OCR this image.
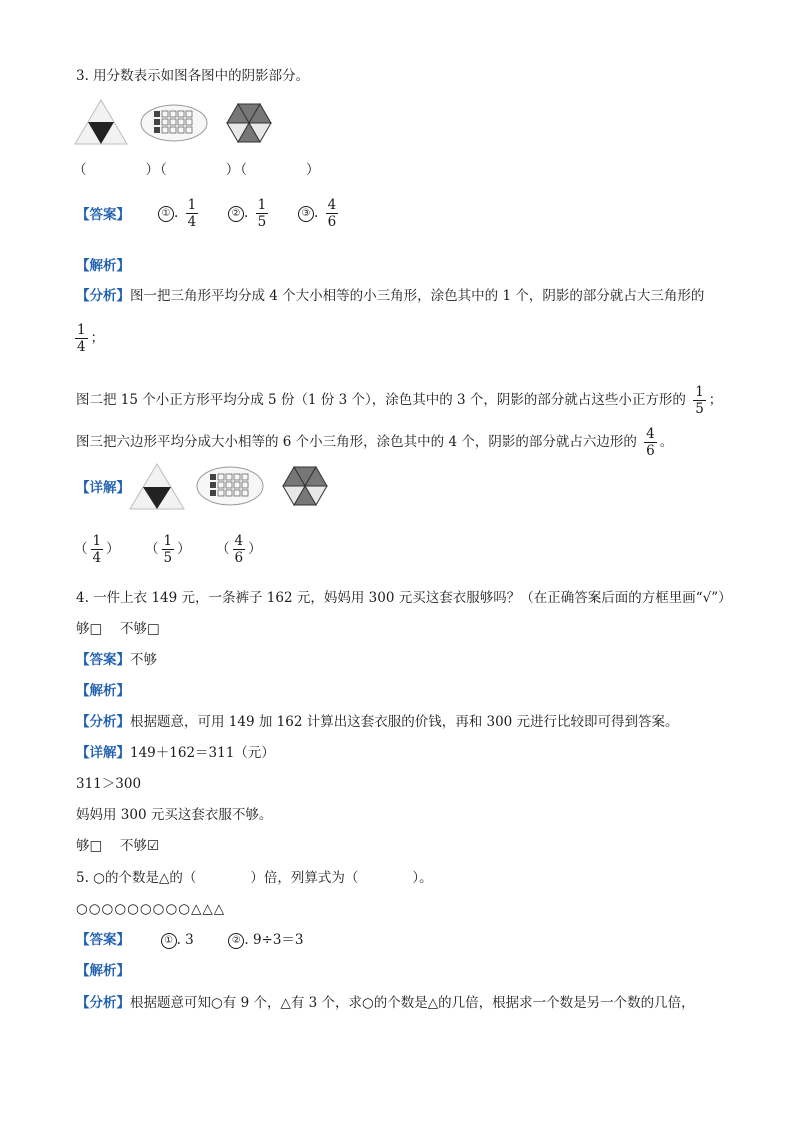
3. 用分数表示如图各图中的阴影部分。
（　　　　）（　　　　）（　　　　）
【答案】	① . $\frac{1}{4}$	② . $\frac{1}{5}$	③ . $\frac{4}{6}$
【解析】
【分析】图一把三角形平均分成 4 个大小相等的小三角形，涂色其中的 1 个，阴影的部分就占大三角形的
$\frac{1}{4}$ ；
图二把 15 个小正方形平均分成 5 份（1 份 3 个），涂色其中的 3 个，阴影的部分就占这些小正方形的 $\frac{1}{5}$ ；
图三把六边形平均分成大小相等的 6 个小三角形，涂色其中的 4 个，阴影的部分就占六边形的 $\frac{4}{6}$ 。
【详解】
（ $\frac{1}{4}$ ） （ $\frac{1}{5}$ ） （ $\frac{4}{6}$ ）
4. 一件上衣 149 元，一条裤子 162 元，妈妈用 300 元买这套衣服够吗？（在正确答案后面的方框里画“√”）
够□　 不够□
【答案】不够
【解析】
【分析】根据题意，可用 149 加 162 计算出这套衣服的价钱，再和 300 元进行比较即可得到答案。
【详解】149＋162＝311（元）
311＞300
妈妈用 300 元买这套衣服不够。
够□　 不够☑
5. ○的个数是△的（　　　　）倍，列算式为（　　　　）。
○○○○○○○○○△△△
【答案】	① . 3	② . 9÷3＝3
【解析】
【分析】根据题意可知○有 9 个，△有 3 个，求○的个数是△的几倍，根据求一个数是另一个数的几倍，
